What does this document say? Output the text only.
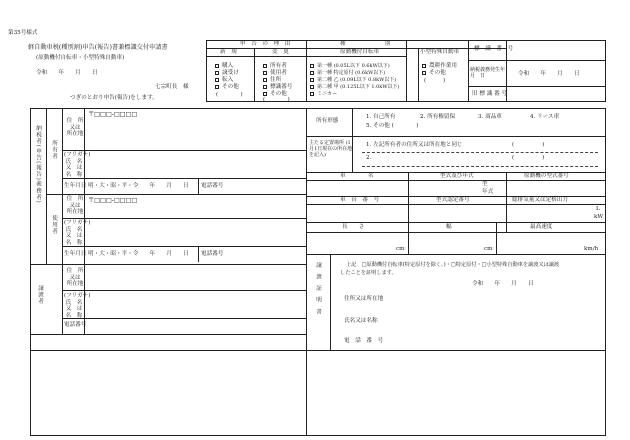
第35号様式
軽自動車税(種別割)申告(報告)書兼標識交付申請書
(原動機付自転車・小型特殊自動車)
令和　　年　　月　　日
七宗町長　様
つぎのとおり申告(報告)をします。
申　告　の　理　由
新　規	変　更
購入
譲受け
転入
その他
(　　　　)
所有者
使用者
住所
標識番号
その他
(　　　　)
種　　　　　　　別
原動機付自転車	小型特殊自動車
第一種 (0.05L以下 0.6kW以下)
第一種 特定原付 (0.6kW以下)
第二種 乙 (0.09L以下 0.8kW以下)
第二種 甲 (0.125L以下 1.0kW以下)
ミニカー
農耕作業用
その他
(　　　)
標　識　番　号
納税義務発生年　月　日	令和　　年　　月　　日
旧 標 識 番 号
納税者(申告(報告)義務者) 所有者
使用者
譲渡者
住　所
又は
所在地
〒□□□-□□□□
(フリガナ)
氏　名
又　は
名　称
生年月日 明・大・昭・平・令　　年　　月　　日 電話番号
住　所
又は
所在地
〒□□□-□□□□
(フリガナ)
氏　名
又　は
名　称
生年月日 明・大・昭・平・令　　年　　月　　日 電話番号
住　所
又は
所在地
(フリガナ)
氏　名
又　は
名　称
電話番号
所有形態
1. 自己所有	2. 所有権留保	3. 商品車	4. リース車
5. その他 (　　　　)
主たる定置場所 (1月1日現在の所在地を記入)
1. 左記所有者の住所又は所在地と同じ
2.
(　　　　　)
(　　　　　)
車　　　　名	型式及び年式	原動機の型式番号
型
年式
車　台　番　号	型式認定番号	総排気量又は定格出力
L
kW
長　　さ	幅	最高速度
cm	cm	km/h
譲渡証明書	上記　□原動機付自転車(特定原付を除く。)・□特定原付・□小型特殊自動車を譲渡又は譲渡
したことを証明します。
令和　　年　　月　　日
住所又は所在地
氏名又は名称
電　話　番　号
